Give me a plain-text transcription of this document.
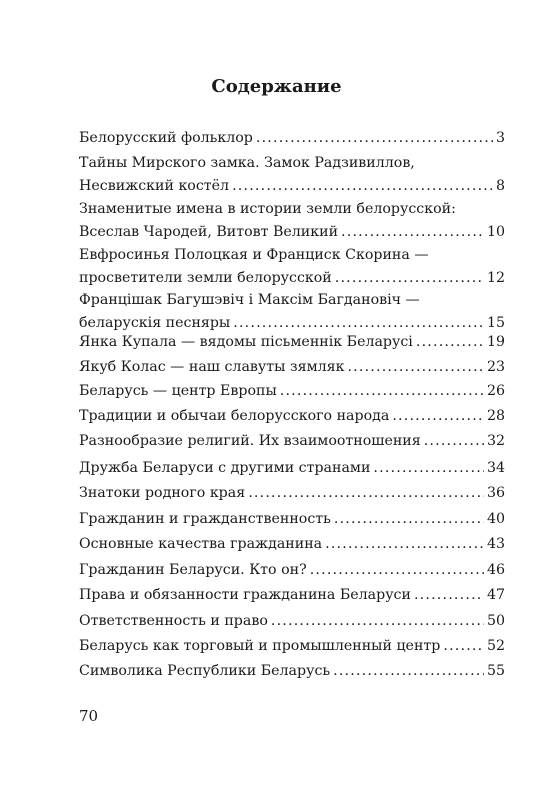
Содержание
Белорусский фольклор .....	3
Тайны Мирского замка. Замок Радзивиллов,
Несвижский костёл .....	8
Знаменитые имена в истории земли белорусской:
Всеслав Чародей, Витовт Великий .....	10
Евфросинья Полоцкая и Франциск Скорина —
просветители земли белорусской .....	12
Францішак Багушэвіч і Максім Багдановіч —
беларускія песняры .....	15
Янка Купала — вядомы пісьменнік Беларусі .....	19
Якуб Колас — наш славуты зямляк .....	23
Беларусь — центр Европы .....	26
Традиции и обычаи белорусского народа .....	28
Разнообразие религий. Их взаимоотношения .....	32
Дружба Беларуси с другими странами .....	34
Знатоки родного края .....	36
Гражданин и гражданственность .....	40
Основные качества гражданина .....	43
Гражданин Беларуси. Кто он? .....	46
Права и обязанности гражданина Беларуси .....	47
Ответственность и право .....	50
Беларусь как торговый и промышленный центр .....	52
Символика Республики Беларусь .....	55
70
